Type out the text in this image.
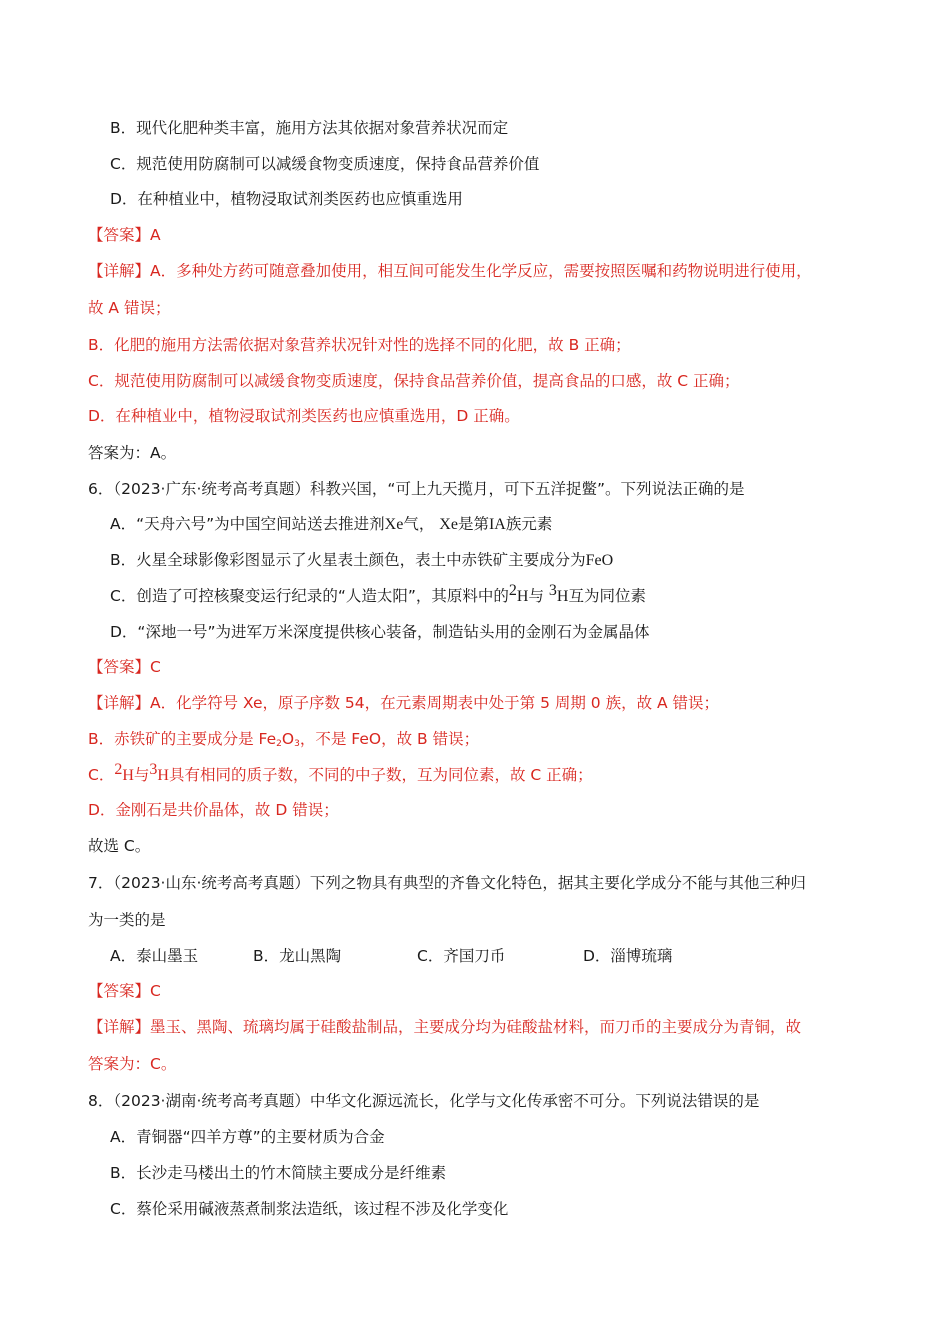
B．现代化肥种类丰富，施用方法其依据对象营养状况而定
C．规范使用防腐制可以减缓食物变质速度，保持食品营养价值
D．在种植业中，植物浸取试剂类医药也应慎重选用
【答案】A
【详解】A．多种处方药可随意叠加使用，相互间可能发生化学反应，需要按照医嘱和药物说明进行使用，
故 A 错误；
B．化肥的施用方法需依据对象营养状况针对性的选择不同的化肥，故 B 正确；
C．规范使用防腐制可以减缓食物变质速度，保持食品营养价值，提高食品的口感，故 C 正确；
D．在种植业中，植物浸取试剂类医药也应慎重选用，D 正确。
答案为：A。
6．（2023·广东·统考高考真题）科教兴国，“可上九天揽月，可下五洋捉鳖”。下列说法正确的是
A．“天舟六号”为中国空间站送去推进剂Xe气， Xe是第IA族元素
B．火星全球影像彩图显示了火星表土颜色，表土中赤铁矿主要成分为FeO
C．创造了可控核聚变运行纪录的“人造太阳”，其原料中的$^2$H与 $^3$H互为同位素
D．“深地一号”为进军万米深度提供核心装备，制造钻头用的金刚石为金属晶体
【答案】C
【详解】A．化学符号 Xe，原子序数 54，在元素周期表中处于第 5 周期 0 族，故 A 错误；
B．赤铁矿的主要成分是 $Fe_2O_3$，不是 FeO，故 B 错误；
C．$^2$H与$^3$H具有相同的质子数，不同的中子数，互为同位素，故 C 正确；
D．金刚石是共价晶体，故 D 错误；
故选 C。
7．（2023·山东·统考高考真题）下列之物具有典型的齐鲁文化特色，据其主要化学成分不能与其他三种归
为一类的是
A．泰山墨玉	B．龙山黑陶	C．齐国刀币	D．淄博琉璃
【答案】C
【详解】墨玉、黑陶、琉璃均属于硅酸盐制品，主要成分均为硅酸盐材料，而刀币的主要成分为青铜，故
答案为：C。
8．（2023·湖南·统考高考真题）中华文化源远流长，化学与文化传承密不可分。下列说法错误的是
A．青铜器“四羊方尊”的主要材质为合金
B．长沙走马楼出土的竹木简牍主要成分是纤维素
C．蔡伦采用碱液蒸煮制浆法造纸，该过程不涉及化学变化
